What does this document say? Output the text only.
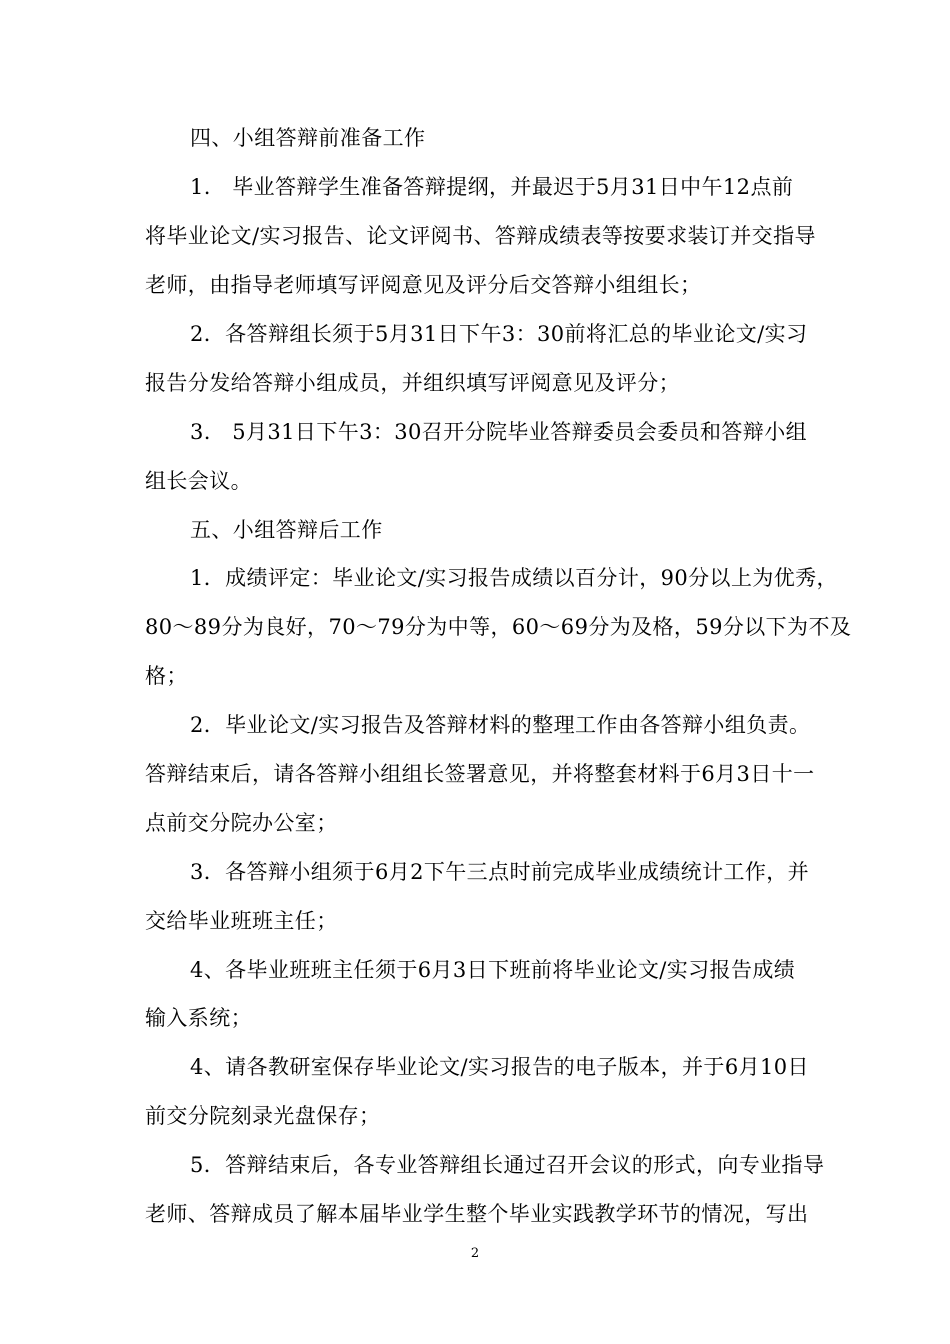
四、小组答辩前准备工作
1.　毕业答辩学生准备答辩提纲，并最迟于5月31日中午12点前
将毕业论文/实习报告、论文评阅书、答辩成绩表等按要求装订并交指导
老师，由指导老师填写评阅意见及评分后交答辩小组组长；
2．各答辩组长须于5月31日下午3：30前将汇总的毕业论文/实习
报告分发给答辩小组成员，并组织填写评阅意见及评分；
3.　5月31日下午3：30召开分院毕业答辩委员会委员和答辩小组
组长会议。
五、小组答辩后工作
1．成绩评定：毕业论文/实习报告成绩以百分计，90分以上为优秀，
80～89分为良好，70～79分为中等，60～69分为及格，59分以下为不及
格；
2．毕业论文/实习报告及答辩材料的整理工作由各答辩小组负责。
答辩结束后，请各答辩小组组长签署意见，并将整套材料于6月3日十一
点前交分院办公室；
3．各答辩小组须于6月2下午三点时前完成毕业成绩统计工作，并
交给毕业班班主任；
4、各毕业班班主任须于6月3日下班前将毕业论文/实习报告成绩
输入系统；
4、请各教研室保存毕业论文/实习报告的电子版本，并于6月10日
前交分院刻录光盘保存；
5．答辩结束后，各专业答辩组长通过召开会议的形式，向专业指导
老师、答辩成员了解本届毕业学生整个毕业实践教学环节的情况，写出
2
